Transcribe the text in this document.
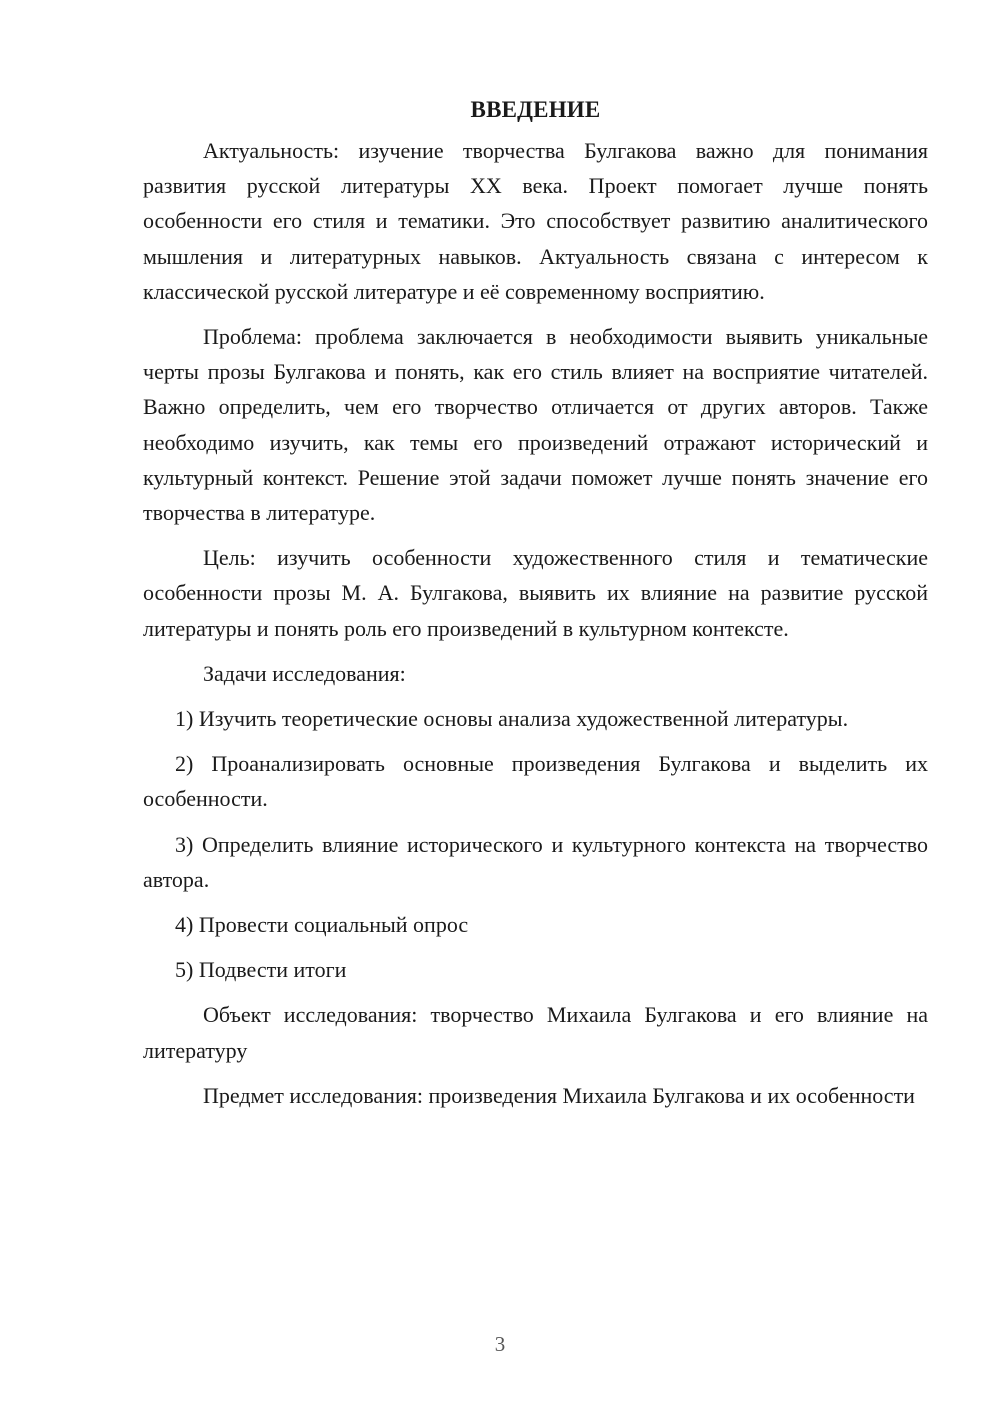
ВВЕДЕНИЕ

Актуальность: изучение творчества Булгакова важно для понимания развития русской литературы XX века. Проект помогает лучше понять особенности его стиля и тематики. Это способствует развитию аналитического мышления и литературных навыков. Актуальность связана с интересом к классической русской литературе и её современному восприятию.

Проблема: проблема заключается в необходимости выявить уникальные черты прозы Булгакова и понять, как его стиль влияет на восприятие читателей. Важно определить, чем его творчество отличается от других авторов. Также необходимо изучить, как темы его произведений отражают исторический и культурный контекст. Решение этой задачи поможет лучше понять значение его творчества в литературе.

Цель: изучить особенности художественного стиля и тематические особенности прозы М. А. Булгакова, выявить их влияние на развитие русской литературы и понять роль его произведений в культурном контексте.

Задачи исследования:

1) Изучить теоретические основы анализа художественной литературы.

2) Проанализировать основные произведения Булгакова и выделить их особенности.

3) Определить влияние исторического и культурного контекста на творчество автора.

4) Провести социальный опрос

5) Подвести итоги

Объект исследования: творчество Михаила Булгакова и его влияние на литературу

Предмет исследования: произведения Михаила Булгакова и их особенности

3
